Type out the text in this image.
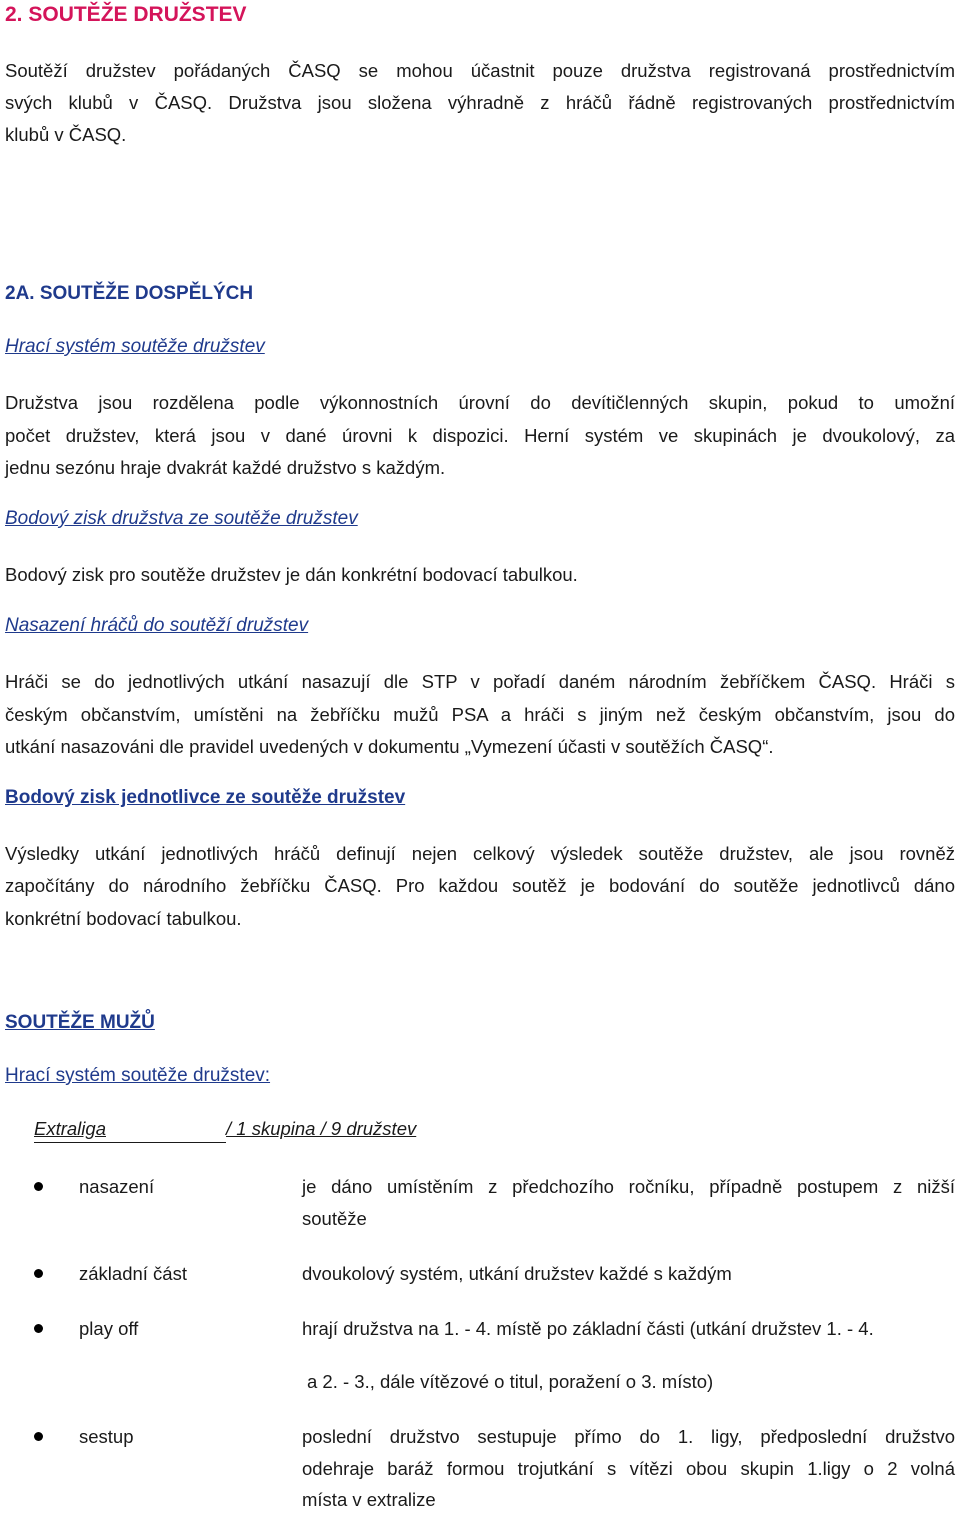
2. SOUTĚŽE DRUŽSTEV
Soutěží družstev pořádaných ČASQ se mohou účastnit pouze družstva registrovaná prostřednictvím
svých klubů v ČASQ. Družstva jsou složena výhradně z hráčů řádně registrovaných prostřednictvím
klubů v ČASQ.
2A. SOUTĚŽE DOSPĚLÝCH
Hrací systém soutěže družstev
Družstva jsou rozdělena podle výkonnostních úrovní do devítičlenných skupin, pokud to umožní
počet družstev, která jsou v dané úrovni k dispozici. Herní systém ve skupinách je dvoukolový, za
jednu sezónu hraje dvakrát každé družstvo s každým.
Bodový zisk družstva ze soutěže družstev
Bodový zisk pro soutěže družstev je dán konkrétní bodovací tabulkou.
Nasazení hráčů do soutěží družstev
Hráči se do jednotlivých utkání nasazují dle STP v pořadí daném národním žebříčkem ČASQ. Hráči s
českým občanstvím, umístěni na žebříčku mužů PSA a hráči s jiným než českým občanstvím, jsou do
utkání nasazováni dle pravidel uvedených v dokumentu „Vymezení účasti v soutěžích ČASQ“.
Bodový zisk jednotlivce ze soutěže družstev
Výsledky utkání jednotlivých hráčů definují nejen celkový výsledek soutěže družstev, ale jsou rovněž
započítány do národního žebříčku ČASQ. Pro každou soutěž je bodování do soutěže jednotlivců dáno
konkrétní bodovací tabulkou.
SOUTĚŽE MUŽŮ
Hrací systém soutěže družstev:
Extraliga	/ 1 skupina / 9 družstev
nasazení	je dáno umístěním z předchozího ročníku, případně postupem z nižší
soutěže
základní část	dvoukolový systém, utkání družstev každé s každým
play off	hrají družstva na 1. - 4. místě po základní části (utkání družstev 1. - 4.
a 2. - 3., dále vítězové o titul, poražení o 3. místo)
sestup	poslední družstvo sestupuje přímo do 1. ligy, předposlední družstvo
odehraje baráž formou trojutkání s vítězi obou skupin 1.ligy o 2 volná
místa v extralize
